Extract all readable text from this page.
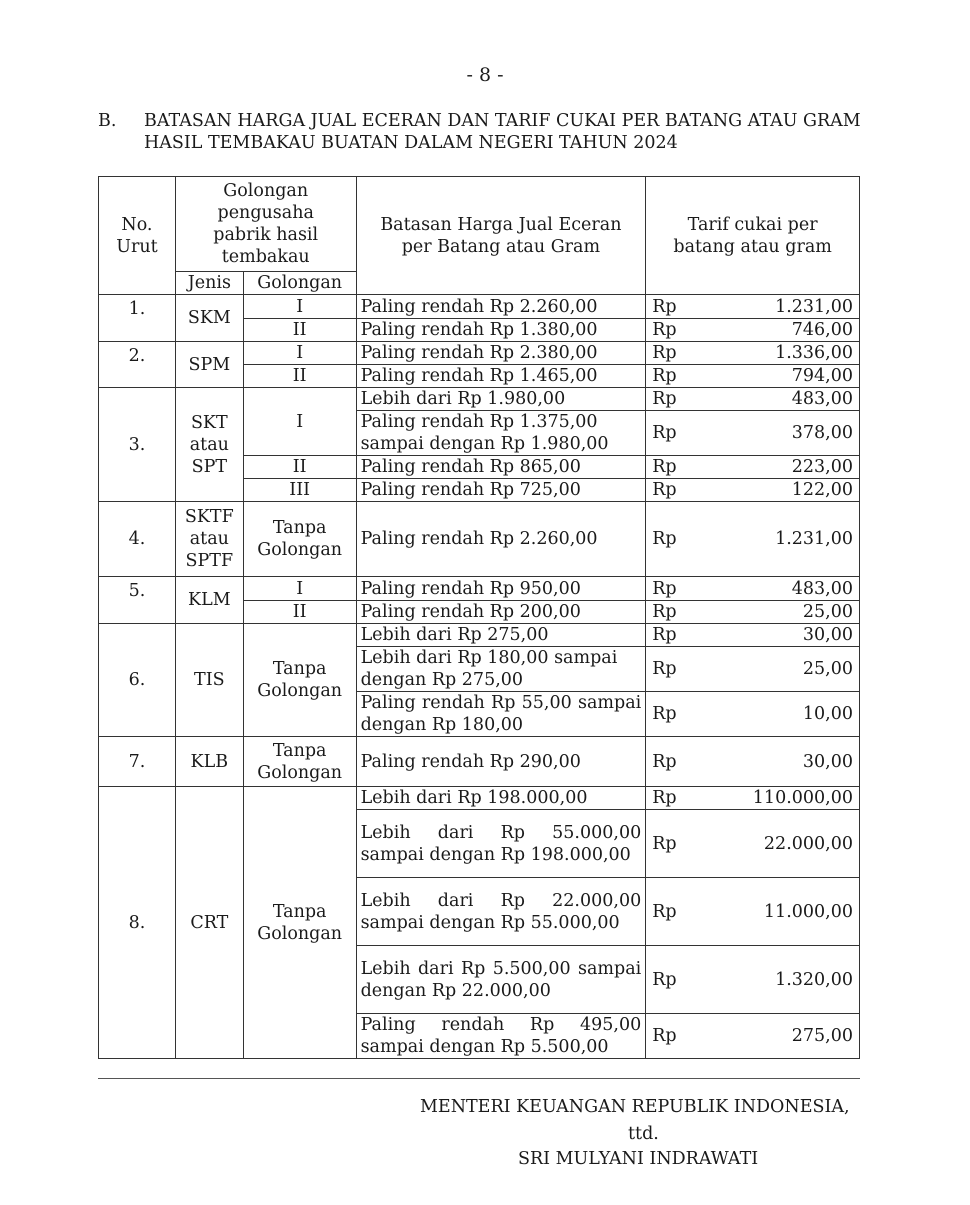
- 8 -
B. BATASAN HARGA JUAL ECERAN DAN TARIF CUKAI PER BATANG ATAU GRAM HASIL TEMBAKAU BUATAN DALAM NEGERI TAHUN 2024
No. Urut	Golongan pengusaha pabrik hasil tembakau		Batasan Harga Jual Eceran per Batang atau Gram	Tarif cukai per batang atau gram

	Jenis	Golongan		
1.	SKM	I	Paling rendah Rp 2.260,00	Rp 1.231,00

		II	Paling rendah Rp 1.380,00	Rp 746,00

2.	SPM	I	Paling rendah Rp 2.380,00	Rp 1.336,00

		II	Paling rendah Rp 1.465,00	Rp 794,00

3.	SKT atau SPT	I	Lebih dari Rp 1.980,00	Rp 483,00

			Paling rendah Rp 1.375,00 sampai dengan Rp 1.980,00	Rp 378,00

		II	Paling rendah Rp 865,00	Rp 223,00

		III	Paling rendah Rp 725,00	Rp 122,00

4.	SKTF atau SPTF	Tanpa Golongan	Paling rendah Rp 2.260,00	Rp 1.231,00

5.	KLM	I	Paling rendah Rp 950,00	Rp 483,00

		II	Paling rendah Rp 200,00	Rp 25,00

6.	TIS	Tanpa Golongan	Lebih dari Rp 275,00	Rp 30,00

			Lebih dari Rp 180,00 sampai dengan Rp 275,00	Rp 25,00

			Paling rendah Rp 55,00 sampai dengan Rp 180,00	Rp 10,00

7.	KLB	Tanpa Golongan	Paling rendah Rp 290,00	Rp 30,00

8.	CRT	Tanpa Golongan	Lebih dari Rp 198.000,00	Rp 110.000,00

			Lebih dari Rp 55.000,00 sampai dengan Rp 198.000,00	Rp 22.000,00

			Lebih dari Rp 22.000,00 sampai dengan Rp 55.000,00	Rp 11.000,00

			Lebih dari Rp 5.500,00 sampai dengan Rp 22.000,00	Rp 1.320,00

			Paling rendah Rp 495,00 sampai dengan Rp 5.500,00	Rp 275,00
MENTERI KEUANGAN REPUBLIK INDONESIA,
ttd.
SRI MULYANI INDRAWATI
